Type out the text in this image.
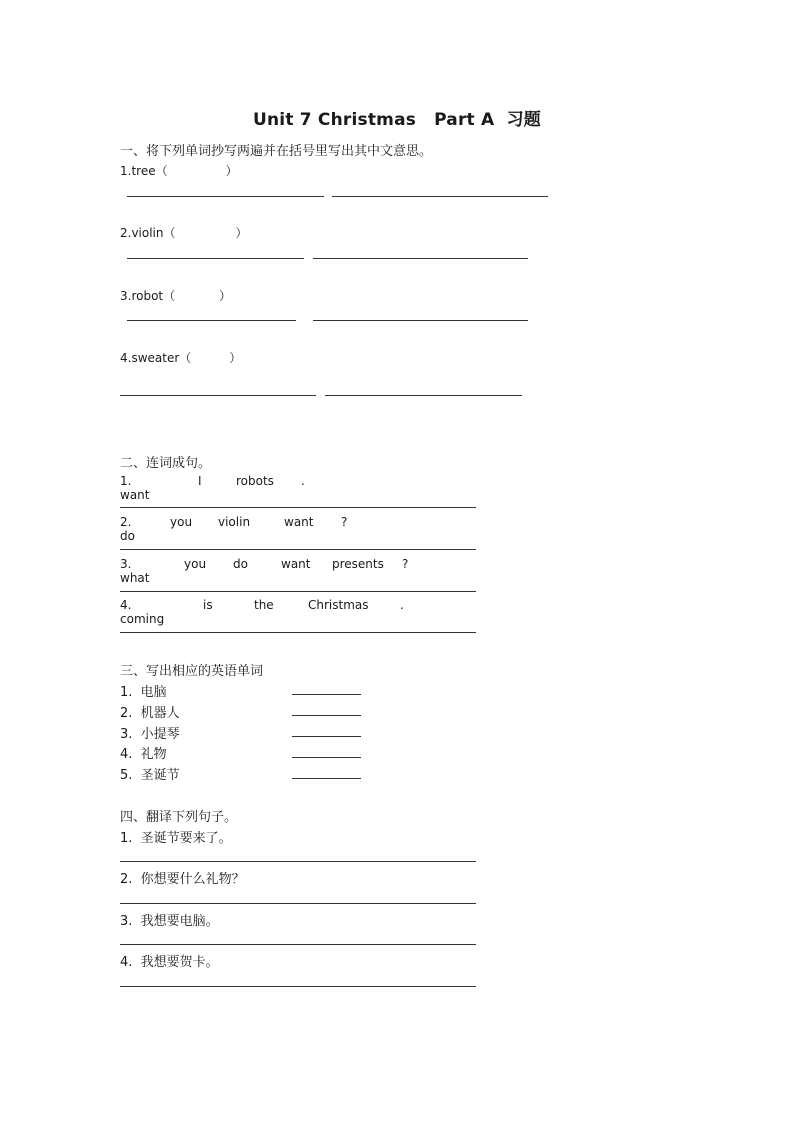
Unit 7 Christmas Part A 习题
一、将下列单词抄写两遍并在括号里写出其中文意思。
1.tree（	）
2.violin（	）
3.robot（	）
4.sweater（	）
二、连词成句。
1. want
I	robots .
2. do
you violin	want ?
3. what
you do	want presents ?
4. coming
is	the	Christmas	.
三、写出相应的英语单词
1. 电脑
2. 机器人
3. 小提琴
4. 礼物
5. 圣诞节
四、翻译下列句子。
1. 圣诞节要来了。
2. 你想要什么礼物？
3. 我想要电脑。
4. 我想要贺卡。
